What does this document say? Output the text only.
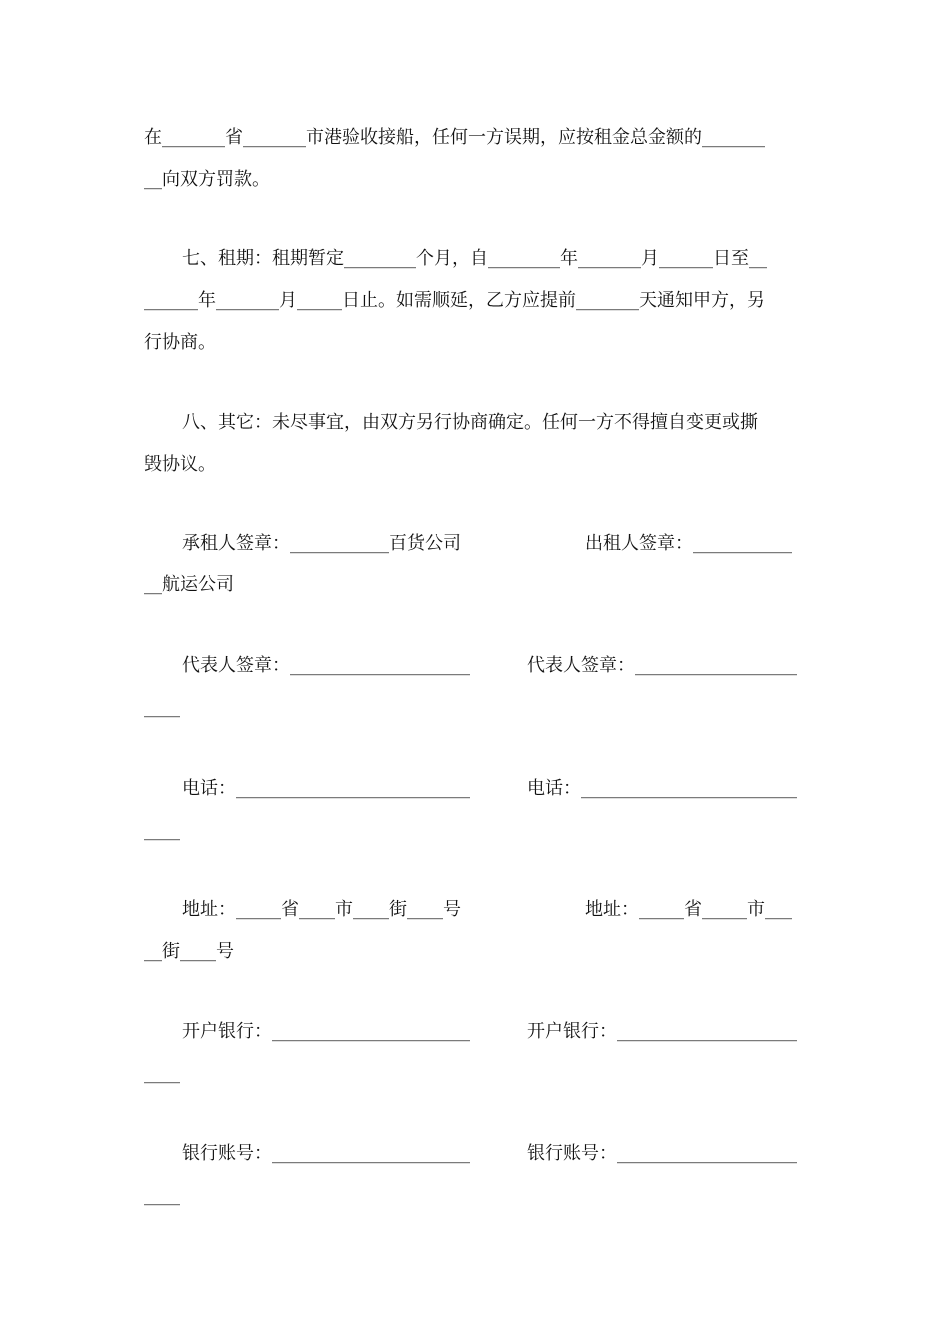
在_______省_______市港验收接船，任何一方误期，应按租金总金额的_______
__向双方罚款。
七、租期：租期暂定________个月，自________年_______月______日至__
______年_______月_____日止。如需顺延，乙方应提前_______天通知甲方，另
行协商。
八、其它：未尽事宜，由双方另行协商确定。任何一方不得擅自变更或撕
毁协议。
承租人签章：___________百货公司	出租人签章：___________
__航运公司
代表人签章：____________________	代表人签章：__________________
____
电话：__________________________	电话：________________________
____
地址：_____省____市____街____号	地址：_____省_____市___
__街____号
开户银行：______________________	开户银行：____________________
____
银行账号：______________________	银行账号：____________________
____
